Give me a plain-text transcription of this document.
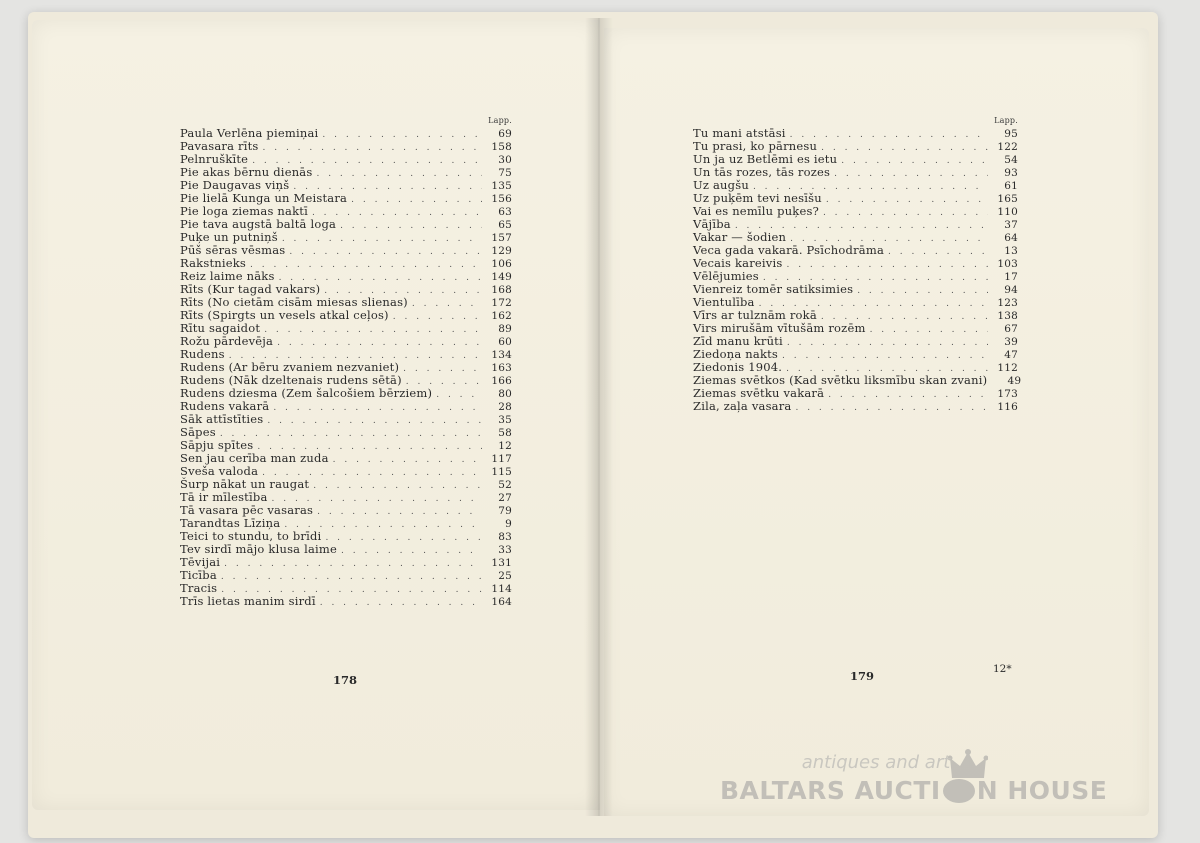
Lapp.
Paula Verlēna piemiņai . . .	69
Pavasara rīts . . .	158
Pelnruškīte . . .	30
Pie akas bērnu dienās . . .	75
Pie Daugavas viņš . . .	135
Pie lielā Kunga un Meistara . . .	156
Pie loga ziemas naktī . . .	63
Pie tava augstā baltā loga . . .	65
Puķe un putniņš . . .	157
Pūš sēras vēsmas . . .	129
Rakstnieks . . .	106
Reiz laime nāks . . .	149
Rīts (Kur tagad vakars) . . .	168
Rīts (No cietām cisām miesas slienas) . . .	172
Rīts (Spirgts un vesels atkal ceļos) . . .	162
Rītu sagaidot . . .	89
Rožu pārdevēja . . .	60
Rudens . . .	134
Rudens (Ar bēru zvaniem nezvaniet) . . .	163
Rudens (Nāk dzeltenais rudens sētā) . . .	166
Rudens dziesma (Zem šalcošiem bērziem) . . .	80
Rudens vakarā . . .	28
Sāk attīstīties . . .	35
Sāpes . . .	58
Sāpju spītes . . .	12
Sen jau cerība man zuda . . .	117
Sveša valoda . . .	115
Šurp nākat un raugat . . .	52
Tā ir mīlestība . . .	27
Tā vasara pēc vasaras . . .	79
Tarandtas Līziņa . . .	9
Teici to stundu, to brīdi . . .	83
Tev sirdī mājo klusa laime . . .	33
Tēvijai . . .	131
Ticība . . .	25
Tracis . . .	114
Trīs lietas manim sirdī . . .	164
Lapp.
Tu mani atstāsi . . .	95
Tu prasi, ko pārnesu . . .	122
Un ja uz Betlēmi es ietu . . .	54
Un tās rozes, tās rozes . . .	93
Uz augšu . . .	61
Uz puķēm tevi nesīšu . . .	165
Vai es nemīlu puķes? . . .	110
Vājība . . .	37
Vakar — šodien . . .	64
Veca gada vakarā. Psīchodrāma . . .	13
Vecais kareivis . . .	103
Vēlējumies . . .	17
Vienreiz tomēr satiksimies . . .	94
Vientulība . . .	123
Vīrs ar tulznām rokā . . .	138
Virs mirušām vītušām rozēm . . .	67
Zīd manu krūti . . .	39
Ziedoņa nakts . . .	47
Ziedonis 1904. . . .	112
Ziemas svētkos (Kad svētku liksmību skan zvani)	49
Ziemas svētku vakarā . . .	173
Zila, zaļa vasara . . .	116
178	179	12*
antiques and art
BALTARS AUCTI N HOUSE
